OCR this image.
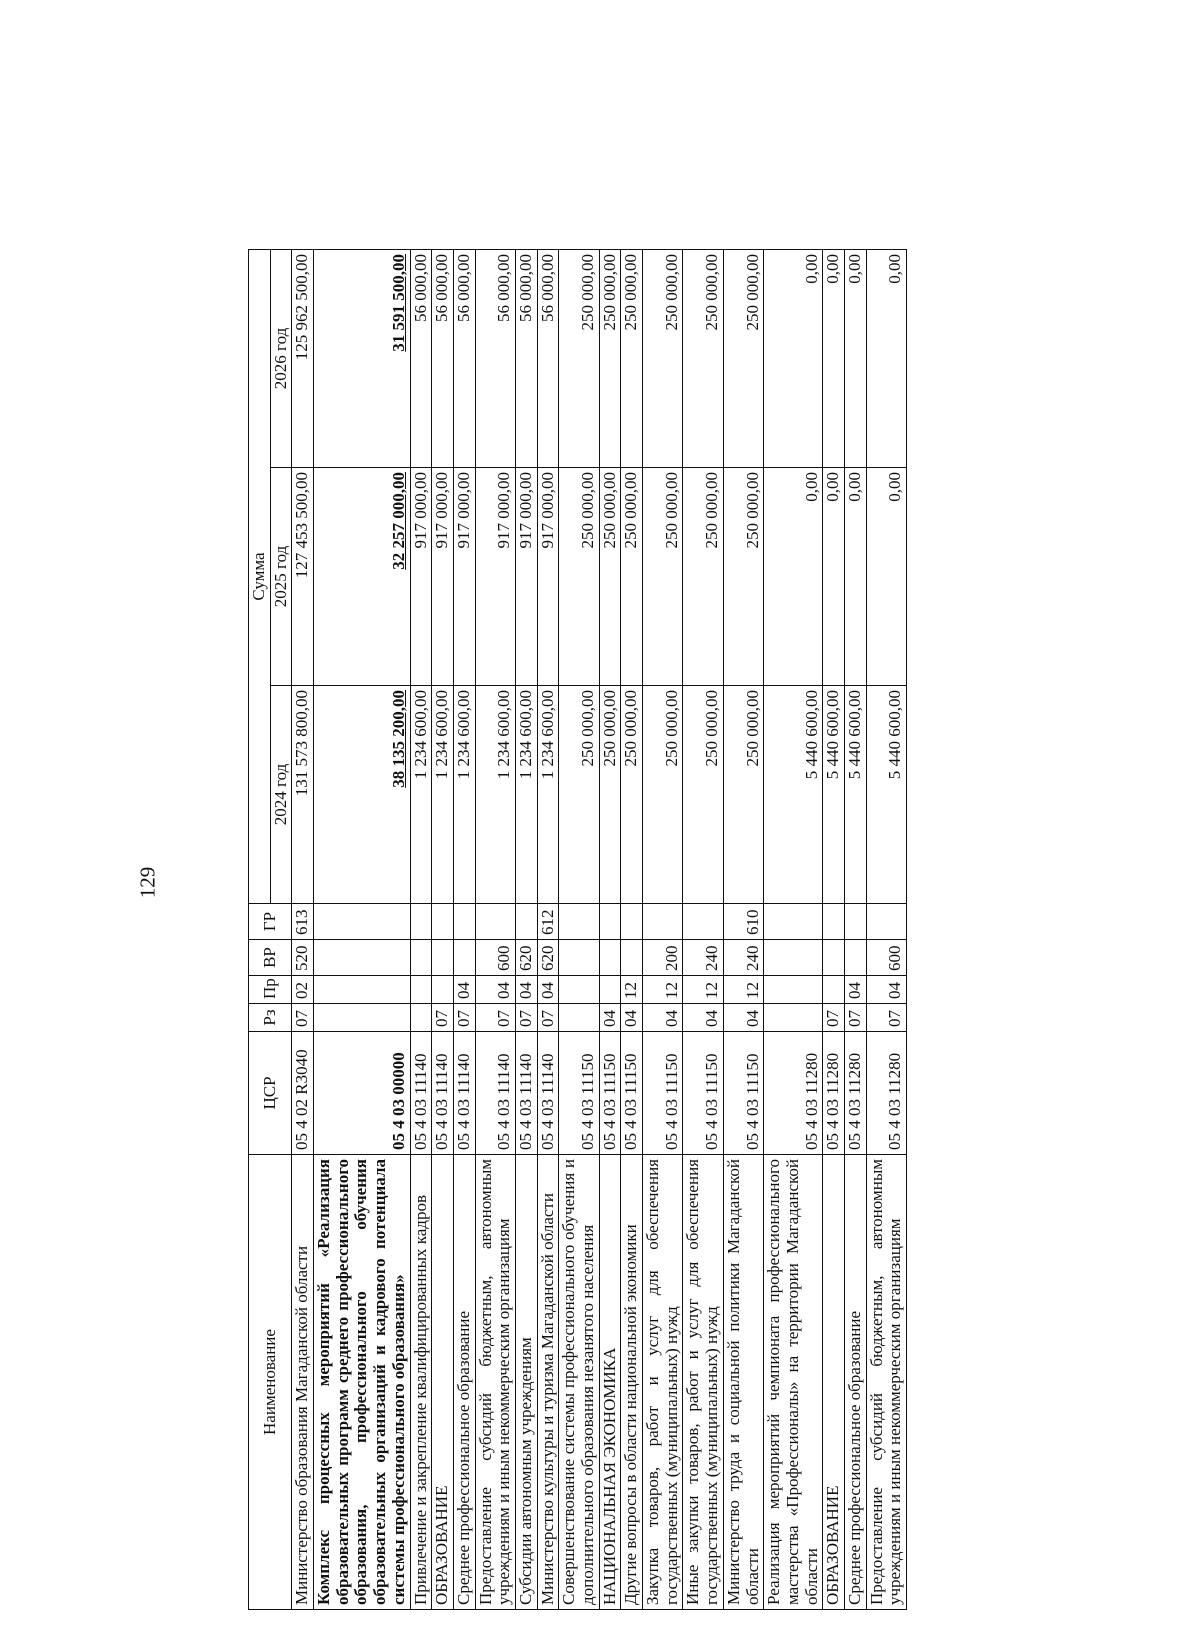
129
Наименование	ЦСР	Рз	Пр	ВР	ГР	Сумма		
						2024 год	2025 год	2026 год
Министерство образования Магаданской области	05 4 02 R3040	07	02	520	613	131 573 800,00	127 453 500,00	125 962 500,00
Комплекс процессных мероприятий «Реализация образовательных программ среднего профессионального образования, профессионального обучения образовательных организаций и кадрового потенциала системы профессионального образования»	05 4 03 00000					38 135 200,00	32 257 000,00	31 591 500,00
Привлечение и закрепление квалифицированных кадров	05 4 03 11140					1 234 600,00	917 000,00	56 000,00
ОБРАЗОВАНИЕ	05 4 03 11140	07				1 234 600,00	917 000,00	56 000,00
Среднее профессиональное образование	05 4 03 11140	07	04			1 234 600,00	917 000,00	56 000,00
Предоставление субсидий бюджетным, автономным учреждениям и иным некоммерческим организациям	05 4 03 11140	07	04	600		1 234 600,00	917 000,00	56 000,00
Субсидии автономным учреждениям	05 4 03 11140	07	04	620		1 234 600,00	917 000,00	56 000,00
Министерство культуры и туризма Магаданской области	05 4 03 11140	07	04	620	612	1 234 600,00	917 000,00	56 000,00
Совершенствование системы профессионального обучения и дополнительного образования незанятого населения	05 4 03 11150					250 000,00	250 000,00	250 000,00
НАЦИОНАЛЬНАЯ ЭКОНОМИКА	05 4 03 11150	04				250 000,00	250 000,00	250 000,00
Другие вопросы в области национальной экономики	05 4 03 11150	04	12			250 000,00	250 000,00	250 000,00
Закупка товаров, работ и услуг для обеспечения государственных (муниципальных) нужд	05 4 03 11150	04	12	200		250 000,00	250 000,00	250 000,00
Иные закупки товаров, работ и услуг для обеспечения государственных (муниципальных) нужд	05 4 03 11150	04	12	240		250 000,00	250 000,00	250 000,00
Министерство труда и социальной политики Магаданской области	05 4 03 11150	04	12	240	610	250 000,00	250 000,00	250 000,00
Реализация мероприятий чемпионата профессионального мастерства «Профессионалы» на территории Магаданской области	05 4 03 11280					5 440 600,00	0,00	0,00
ОБРАЗОВАНИЕ	05 4 03 11280	07				5 440 600,00	0,00	0,00
Среднее профессиональное образование	05 4 03 11280	07	04			5 440 600,00	0,00	0,00
Предоставление субсидий бюджетным, автономным учреждениям и иным некоммерческим организациям	05 4 03 11280	07	04	600		5 440 600,00	0,00	0,00
